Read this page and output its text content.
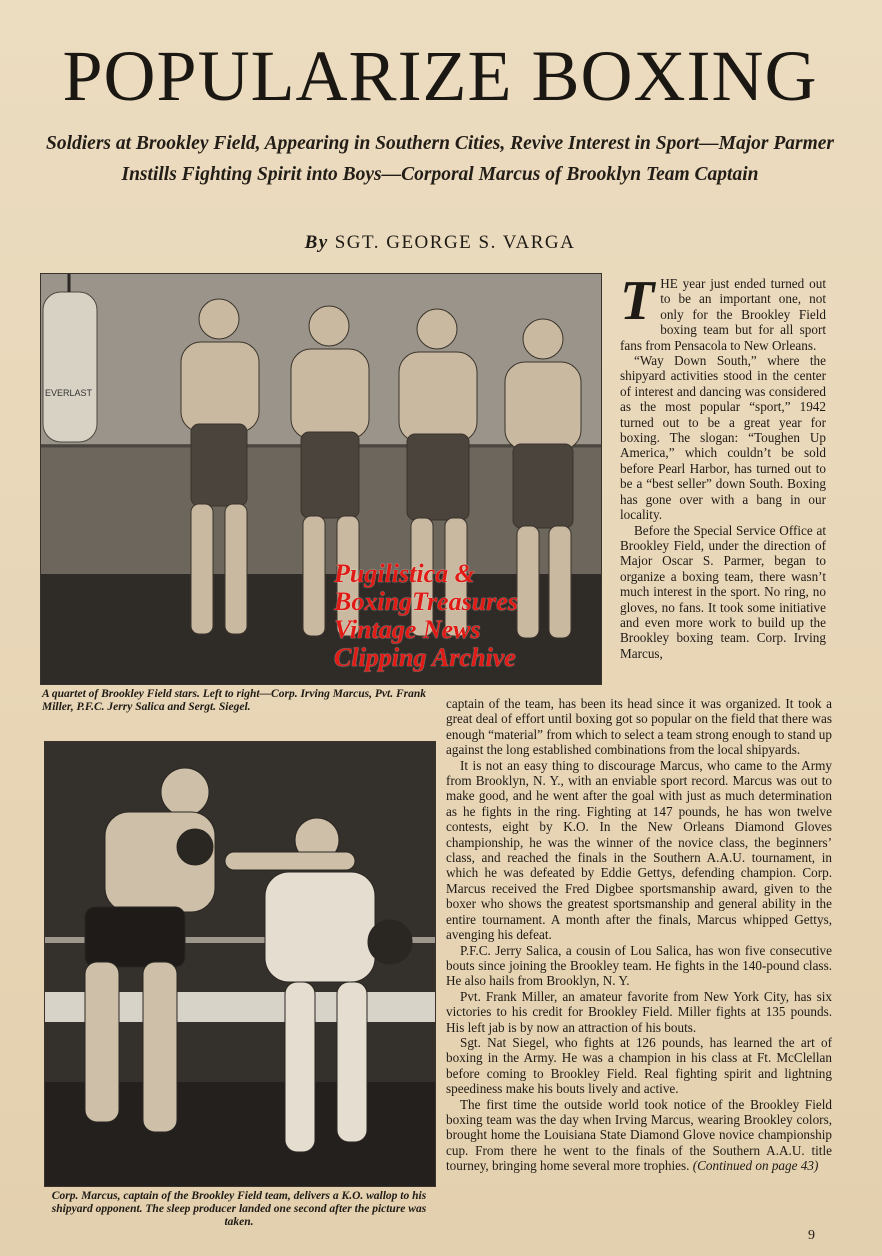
POPULARIZE BOXING
Soldiers at Brookley Field, Appearing in Southern Cities, Revive Interest in Sport—Major Parmer Instills Fighting Spirit into Boys—Corporal Marcus of Brooklyn Team Captain
By SGT. GEORGE S. VARGA
EVERLAST
A quartet of Brookley Field stars. Left to right—Corp. Irving Marcus, Pvt. Frank Miller, P.F.C. Jerry Salica and Sergt. Siegel.
Corp. Marcus, captain of the Brookley Field team, delivers a K.O. wallop to his shipyard opponent. The sleep producer landed one second after the picture was taken.

THE year just ended turned out to be an important one, not only for the Brookley Field boxing team but for all sport fans from Pensacola to New Orleans.

“Way Down South,” where the shipyard activities stood in the center of interest and dancing was considered as the most popular “sport,” 1942 turned out to be a great year for boxing. The slogan: “Toughen Up America,” which couldn’t be sold before Pearl Harbor, has turned out to be a “best seller” down South. Boxing has gone over with a bang in our locality.

Before the Special Service Office at Brookley Field, under the direction of Major Oscar S. Parmer, began to organize a boxing team, there wasn’t much interest in the sport. No ring, no gloves, no fans. It took some initiative and even more work to build up the Brookley boxing team. Corp. Irving Marcus,

captain of the team, has been its head since it was organized. It took a great deal of effort until boxing got so popular on the field that there was enough “material” from which to select a team strong enough to stand up against the long established combinations from the local shipyards.

It is not an easy thing to discourage Marcus, who came to the Army from Brooklyn, N. Y., with an enviable sport record. Marcus was out to make good, and he went after the goal with just as much determination as he fights in the ring. Fighting at 147 pounds, he has won twelve contests, eight by K.O. In the New Orleans Diamond Gloves championship, he was the winner of the novice class, the beginners’ class, and reached the finals in the Southern A.A.U. tournament, in which he was defeated by Eddie Gettys, defending champion. Corp. Marcus received the Fred Digbee sportsmanship award, given to the boxer who shows the greatest sportsmanship and general ability in the entire tournament. A month after the finals, Marcus whipped Gettys, avenging his defeat.

P.F.C. Jerry Salica, a cousin of Lou Salica, has won five consecutive bouts since joining the Brookley team. He fights in the 140-pound class. He also hails from Brooklyn, N. Y.

Pvt. Frank Miller, an amateur favorite from New York City, has six victories to his credit for Brookley Field. Miller fights at 135 pounds. His left jab is by now an attraction of his bouts.

Sgt. Nat Siegel, who fights at 126 pounds, has learned the art of boxing in the Army. He was a champion in his class at Ft. McClellan before coming to Brookley Field. Real fighting spirit and lightning speediness make his bouts lively and active.

The first time the outside world took notice of the Brookley Field boxing team was the day when Irving Marcus, wearing Brookley colors, brought home the Louisiana State Diamond Glove novice championship cup. From there he went to the finals of the Southern A.A.U. title tourney, bringing home several more trophies. (Continued on page 43)

Pugilistica &
BoxingTreasures
Vintage News
Clipping Archive
9
